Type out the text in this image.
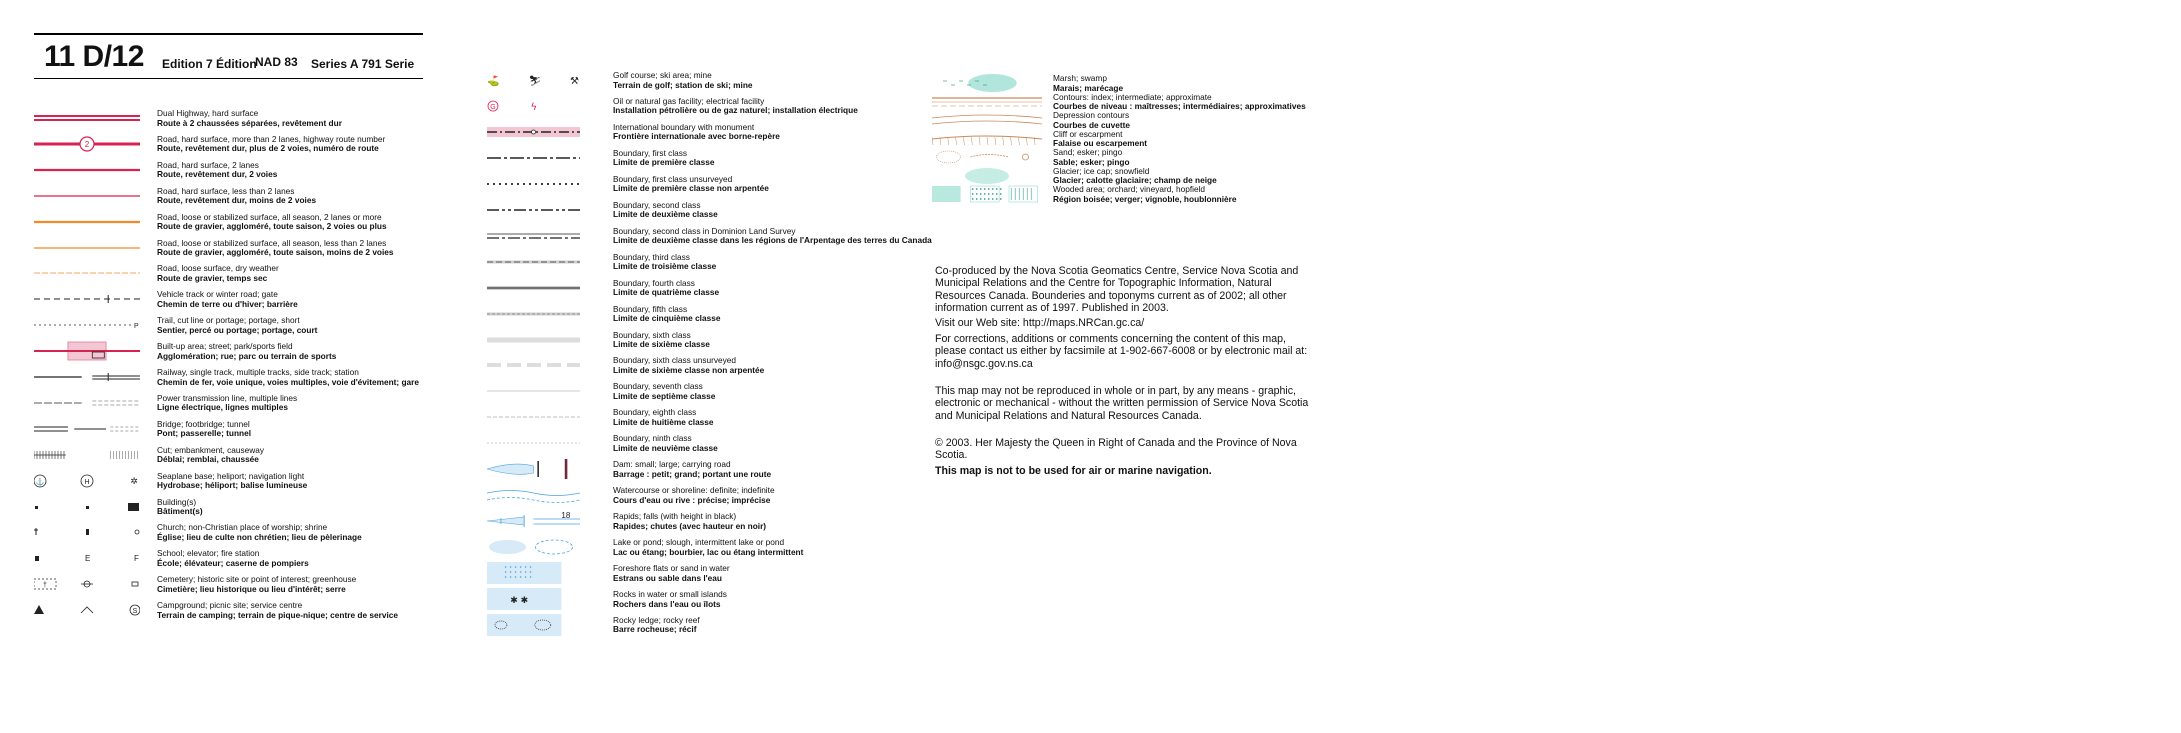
11 D/12 Edition 7 Édition
NAD 83 Series A 791 Serie
Dual Highway, hard surface
Route à 2 chaussées séparées, revêtement dur
2
Road, hard surface, more than 2 lanes, highway route number
Route, revêtement dur, plus de 2 voies, numéro de route
Road, hard surface, 2 lanes
Route, revêtement dur, 2 voies
Road, hard surface, less than 2 lanes
Route, revêtement dur, moins de 2 voies
Road, loose or stabilized surface, all season, 2 lanes or more
Route de gravier, aggloméré, toute saison, 2 voies ou plus
Road, loose or stabilized surface, all season, less than 2 lanes
Route de gravier, aggloméré, toute saison, moins de 2 voies
Road, loose surface, dry weather
Route de gravier, temps sec
Vehicle track or winter road; gate
Chemin de terre ou d'hiver; barrière
P
Trail, cut line or portage; portage, short
Sentier, percé ou portage; portage, court
Built-up area; street; park/sports field
Agglomération; rue; parc ou terrain de sports
Railway, single track, multiple tracks, side track; station
Chemin de fer, voie unique, voies multiples, voie d'évitement; gare
Power transmission line, multiple lines
Ligne électrique, lignes multiples
Bridge; footbridge; tunnel
Pont; passerelle; tunnel
Cut; embankment, causeway
Déblai; remblai, chaussée
⚓	H	✲
Seaplane base; heliport; navigation light
Hydrobase; héliport; balise lumineuse
Building(s)
Bâtiment(s)
Church; non-Christian place of worship; shrine
Église; lieu de culte non chrétien; lieu de pèlerinage
E	F
School; elevator; fire station
École; élévateur; caserne de pompiers
†
Cemetery; historic site or point of interest; greenhouse
Cimetière; lieu historique ou lieu d'intérêt; serre
S
Campground; picnic site; service centre
Terrain de camping; terrain de pique-nique; centre de service
⛳	⛷	⚒
Golf course; ski area; mine
Terrain de golf; station de ski; mine
G	ϟ
Oil or natural gas facility; electrical facility
Installation pétrolière ou de gaz naturel; installation électrique
International boundary with monument
Frontière internationale avec borne-repère
Boundary, first class
Limite de première classe
Boundary, first class unsurveyed
Limite de première classe non arpentée
Boundary, second class
Limite de deuxième classe
Boundary, second class in Dominion Land Survey
Limite de deuxième classe dans les régions de l'Arpentage des terres du Canada
Boundary, third class
Limite de troisième classe
Boundary, fourth class
Limite de quatrième classe
Boundary, fifth class
Limite de cinquième classe
Boundary, sixth class
Limite de sixième classe
Boundary, sixth class unsurveyed
Limite de sixième classe non arpentée
Boundary, seventh class
Limite de septième classe
Boundary, eighth class
Limite de huitième classe
Boundary, ninth class
Limite de neuvième classe
Dam: small; large; carrying road
Barrage : petit; grand; portant une route
Watercourse or shoreline: definite; indefinite
Cours d'eau ou rive : précise; imprécise
18	Rapids; falls (with height in black)
Rapides; chutes (avec hauteur en noir)
Lake or pond; slough, intermittent lake or pond
Lac ou étang; bourbier, lac ou étang intermittent
Foreshore flats or sand in water
Estrans ou sable dans l'eau
✱ ✱
Rocks in water or small islands
Rochers dans l'eau ou îlots
Rocky ledge; rocky reef
Barre rocheuse; récif
Marsh; swamp
Marais; marécage
Contours: index; intermediate; approximate
Courbes de niveau : maîtresses; intermédiaires; approximatives
Depression contours
Courbes de cuvette
Cliff or escarpment
Falaise ou escarpement
Sand; esker; pingo
Sable; esker; pingo
Glacier; ice cap; snowfield
Glacier; calotte glaciaire; champ de neige
Wooded area; orchard; vineyard, hopfield
Région boisée; verger; vignoble, houblonnière
Co-produced by the Nova Scotia Geomatics Centre, Service Nova Scotia and Municipal Relations and the Centre for Topographic Information, Natural Resources Canada. Bounderies and toponyms current as of 2002; all other information current as of 1997. Published in 2003.
Visit our Web site: http://maps.NRCan.gc.ca/
For corrections, additions or comments concerning the content of this map, please contact us either by facsimile at 1-902-667-6008 or by electronic mail at: info@nsgc.gov.ns.ca
This map may not be reproduced in whole or in part, by any means - graphic, electronic or mechanical - without the written permission of Service Nova Scotia and Municipal Relations and Natural Resources Canada.
© 2003. Her Majesty the Queen in Right of Canada and the Province of Nova Scotia.
This map is not to be used for air or marine navigation.
